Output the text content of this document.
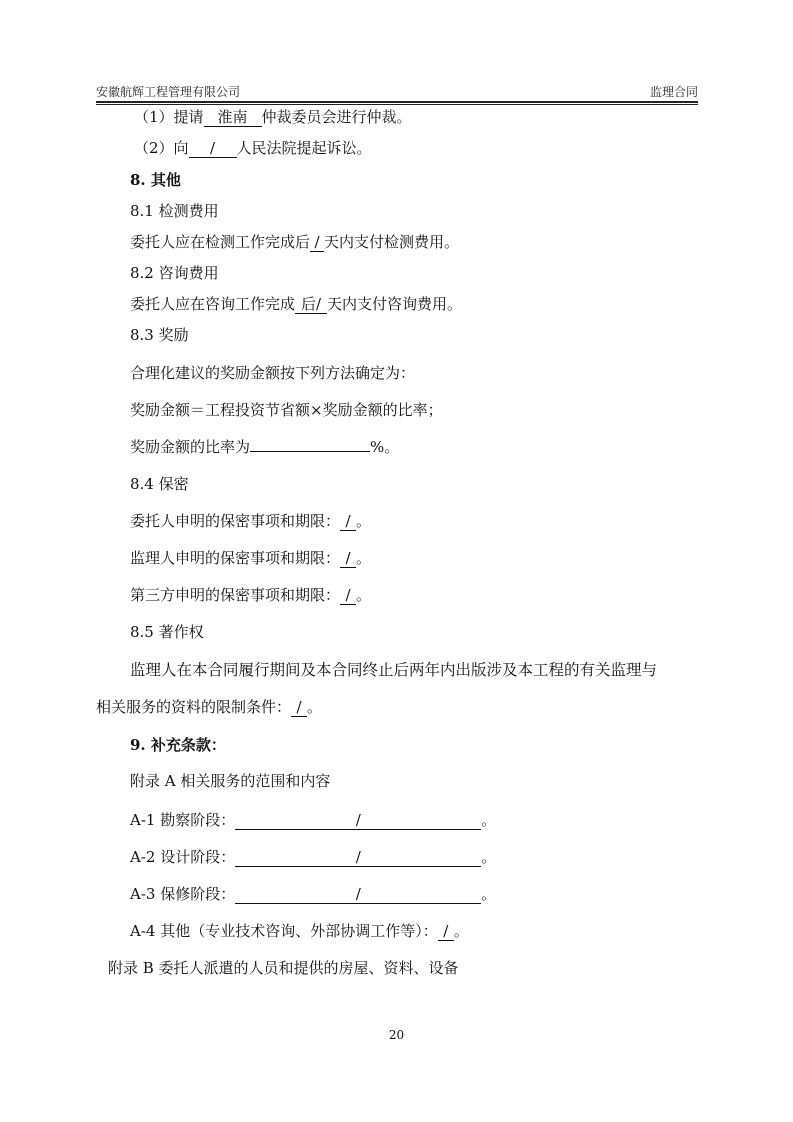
安徽航辉工程管理有限公司	监理合同
（1）提请 淮南 仲裁委员会进行仲裁。
（2）向 / 人民法院提起诉讼。
8. 其他
8.1 检测费用
委托人应在检测工作完成后 / 天内支付检测费用。
8.2 咨询费用
委托人应在咨询工作完成 后/ 天内支付咨询费用。
8.3 奖励
合理化建议的奖励金额按下列方法确定为：
奖励金额＝工程投资节省额×奖励金额的比率；
奖励金额的比率为	%。
8.4 保密
委托人申明的保密事项和期限： / 。
监理人申明的保密事项和期限： / 。
第三方申明的保密事项和期限： / 。
8.5 著作权
监理人在本合同履行期间及本合同终止后两年内出版涉及本工程的有关监理与
相关服务的资料的限制条件： / 。
9. 补充条款：
附录 A 相关服务的范围和内容
A-1 勘察阶段：	/	。
A-2 设计阶段：	/	。
A-3 保修阶段：	/	。
A-4 其他（专业技术咨询、外部协调工作等）： / 。
附录 B 委托人派遣的人员和提供的房屋、资料、设备
20
